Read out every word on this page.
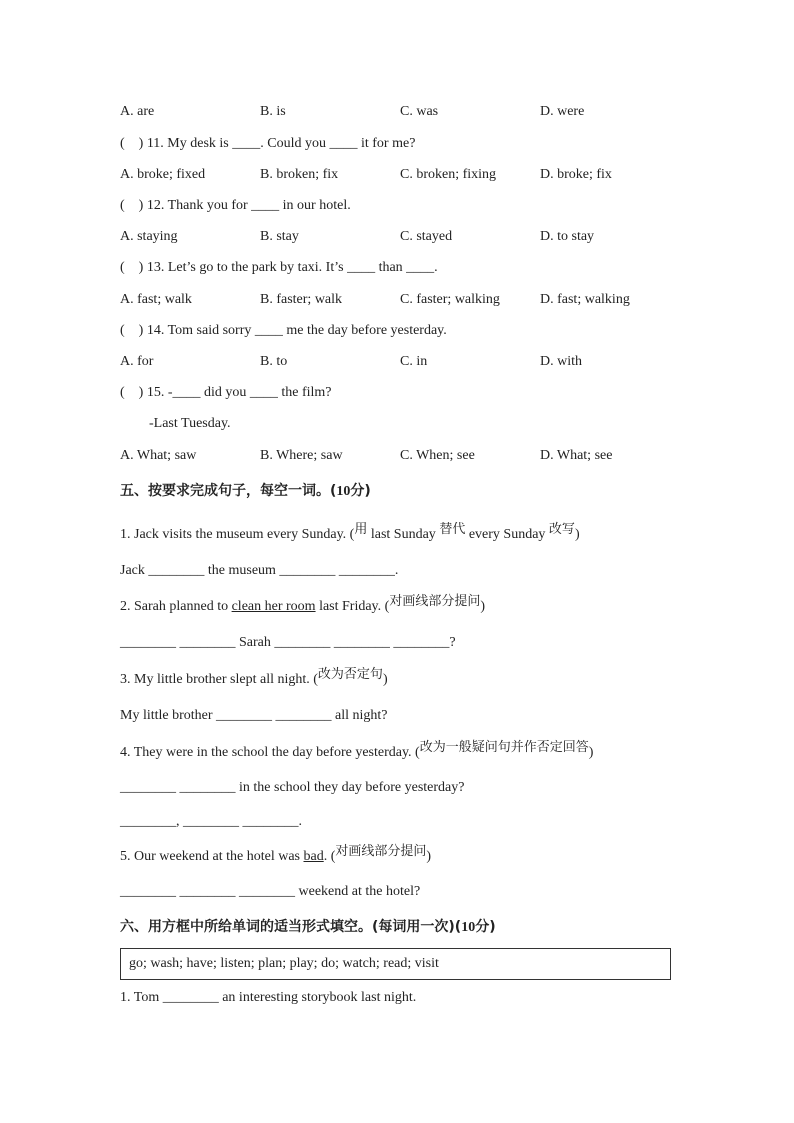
A. are	B. is	C. was	D. were
(    ) 11. My desk is ____. Could you ____ it for me?
A. broke; fixed	B. broken; fix	C. broken; fixing	D. broke; fix
(    ) 12. Thank you for ____ in our hotel.
A. staying	B. stay	C. stayed	D. to stay
(    ) 13. Let’s go to the park by taxi. It’s ____ than ____.
A. fast; walk	B. faster; walk	C. faster; walking	D. fast; walking
(    ) 14. Tom said sorry ____ me the day before yesterday.
A. for	B. to	C. in	D. with
(    ) 15. -____ did you ____ the film?
-Last Tuesday.
A. What; saw	B. Where; saw	C. When; see	D. What; see
五、按要求完成句子，每空一词。(10分)
1. Jack visits the museum every Sunday. (用 last Sunday 替代 every Sunday 改写)
Jack ________ the museum ________ ________.
2. Sarah planned to clean her room last Friday. (对画线部分提问)
________ ________ Sarah ________ ________ ________?
3. My little brother slept all night. (改为否定句)
My little brother ________ ________ all night?
4. They were in the school the day before yesterday. (改为一般疑问句并作否定回答)
________ ________ in the school they day before yesterday?
________, ________ ________.
5. Our weekend at the hotel was bad. (对画线部分提问)
________ ________ ________ weekend at the hotel?
六、用方框中所给单词的适当形式填空。(每词用一次)(10分)
go; wash; have; listen; plan; play; do; watch; read; visit
1. Tom ________ an interesting storybook last night.
